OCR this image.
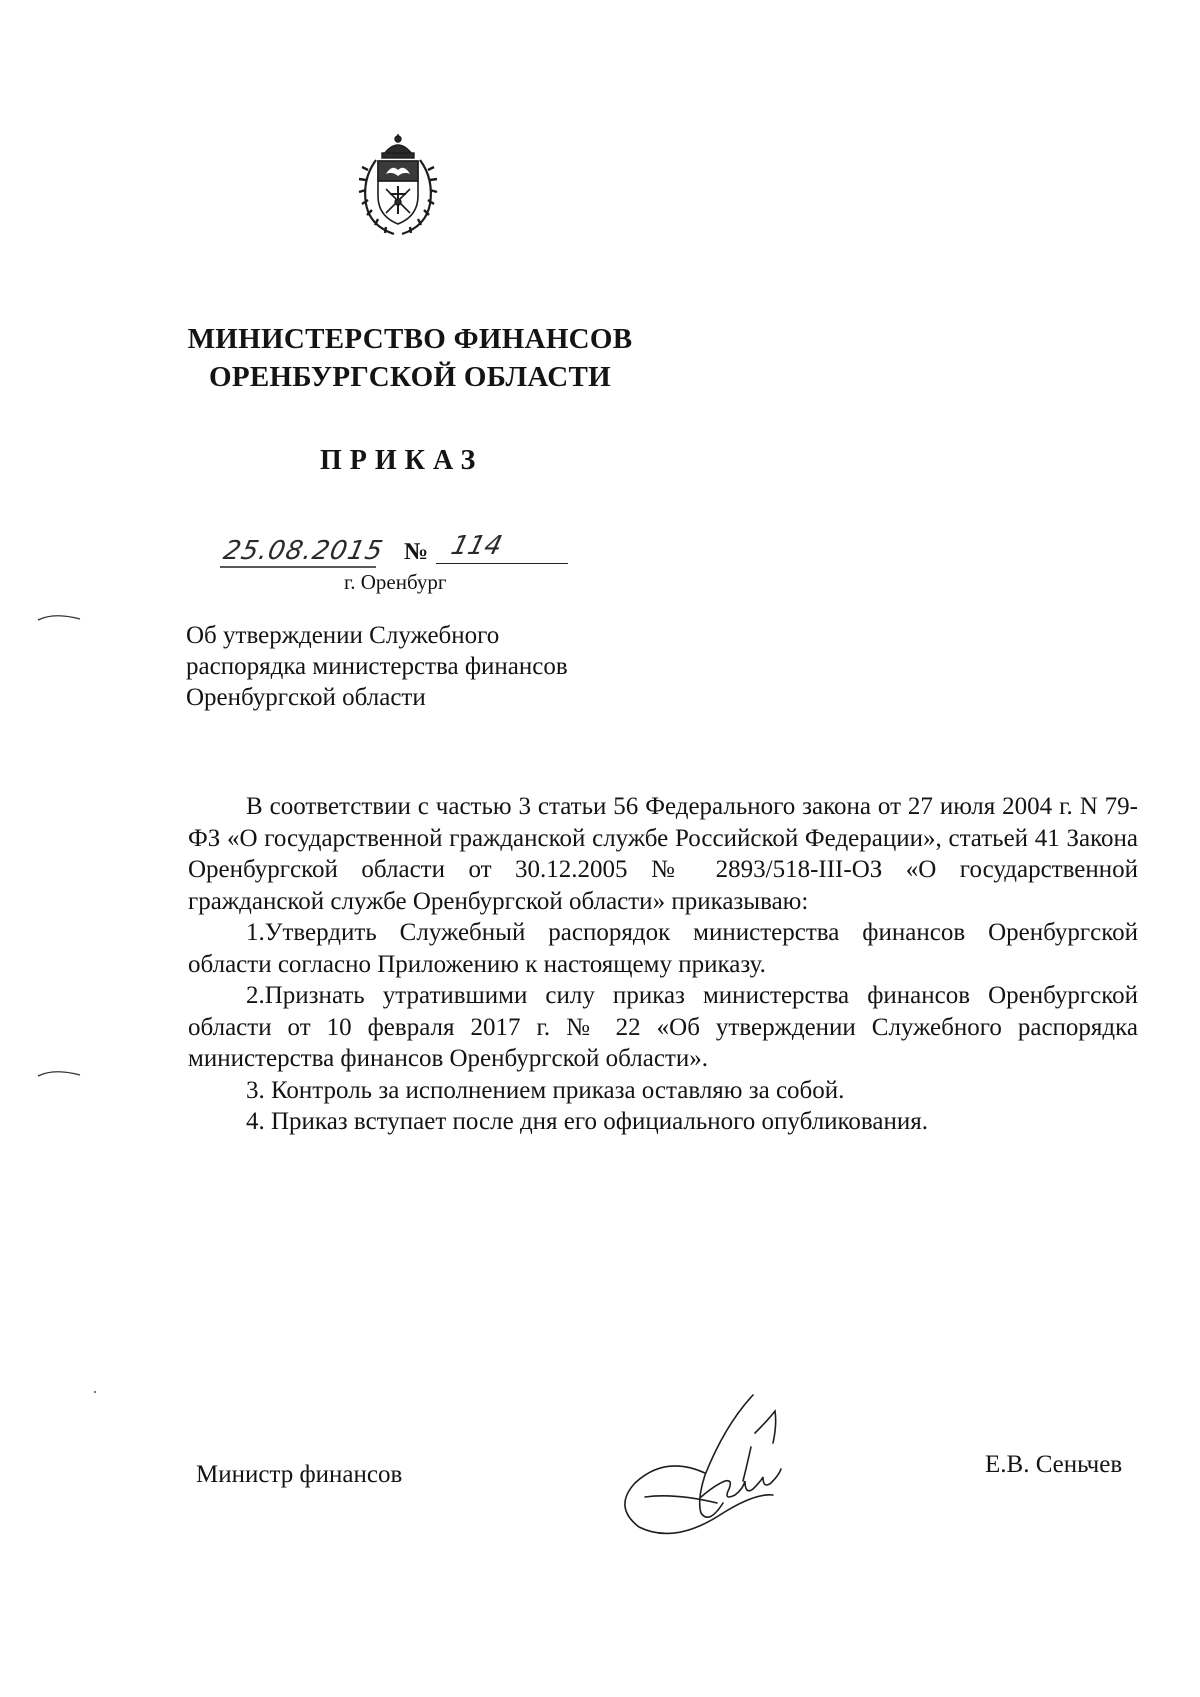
МИНИСТЕРСТВО ФИНАНСОВ
ОРЕНБУРГСКОЙ ОБЛАСТИ
ПРИКАЗ
25.08.2015 № 114
г. Оренбург
Об утверждении Служебного
распорядка министерства финансов
Оренбургской области
В соответствии с частью 3 статьи 56 Федерального закона от 27 июля 2004 г. N 79-ФЗ «О государственной гражданской службе Российской Федерации», статьей 41 Закона Оренбургской области от 30.12.2005 № 2893/518-III-ОЗ «О государственной гражданской службе Оренбургской области» приказываю:
1.Утвердить Служебный распорядок министерства финансов Оренбургской области согласно Приложению к настоящему приказу.
2.Признать утратившими силу приказ министерства финансов Оренбургской области от 10 февраля 2017 г. № 22 «Об утверждении Служебного распорядка министерства финансов Оренбургской области».
3. Контроль за исполнением приказа оставляю за собой.
4. Приказ вступает после дня его официального опубликования.
Министр финансов	Е.В. Сеньчев
